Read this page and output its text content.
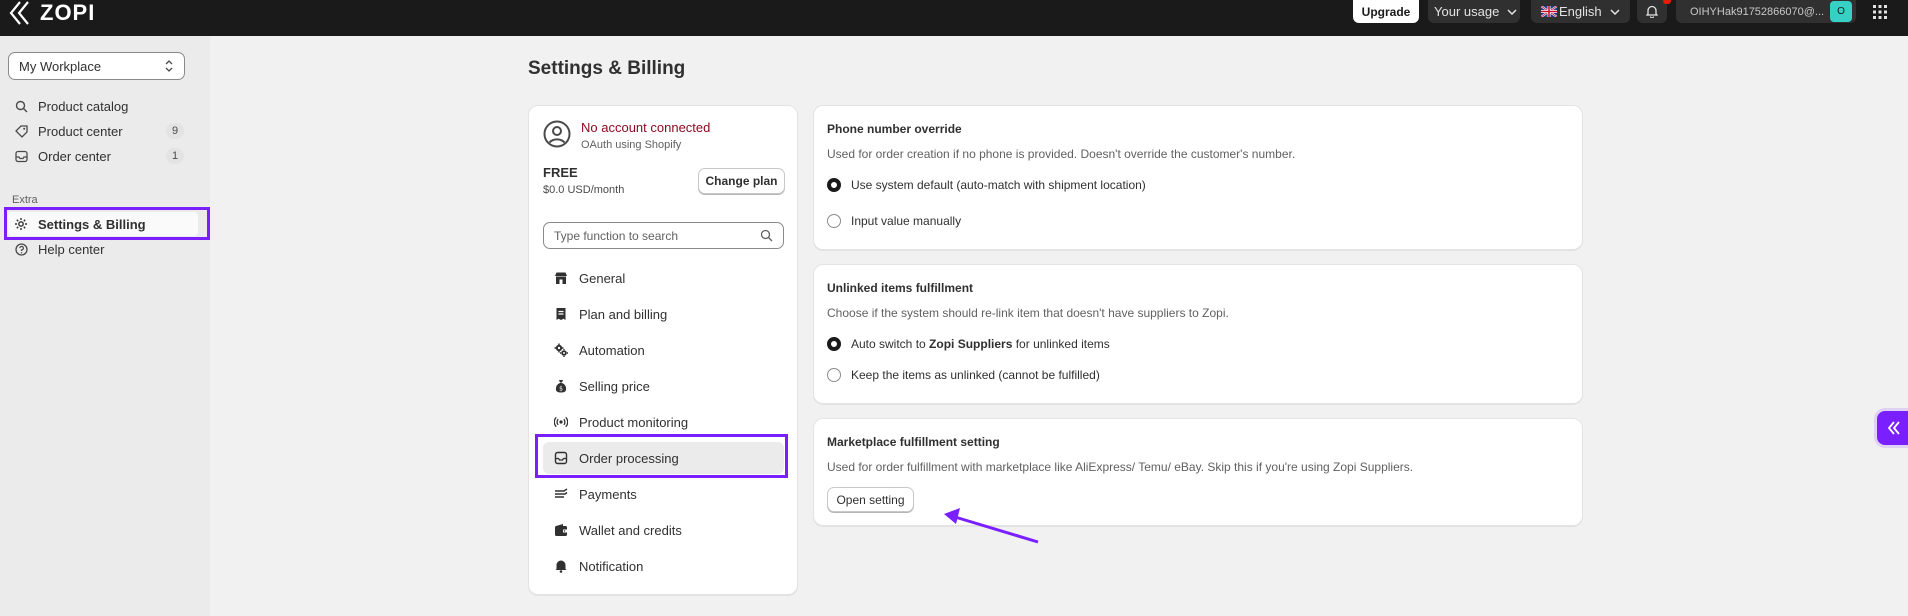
ZOPI	Upgrade	Your usage	English	OIHYHak91752866070@...	O
My Workplace
Product catalog
Product center	9
Order center	1
Extra
Settings & Billing
Help center
Settings & Billing
No account connected
OAuth using Shopify
FREE
$0.0 USD/month
Change plan
Type function to search
General
Plan and billing
Automation
$ Selling price
Product monitoring
Order processing
Payments
Wallet and credits
Notification
Phone number override
Used for order creation if no phone is provided. Doesn't override the customer's number.
Use system default (auto-match with shipment location)
Input value manually
Unlinked items fulfillment
Choose if the system should re-link item that doesn't have suppliers to Zopi.
Auto switch to Zopi Suppliers for unlinked items
Keep the items as unlinked (cannot be fulfilled)
Marketplace fulfillment setting
Used for order fulfillment with marketplace like AliExpress/ Temu/ eBay. Skip this if you're using Zopi Suppliers.
Open setting
